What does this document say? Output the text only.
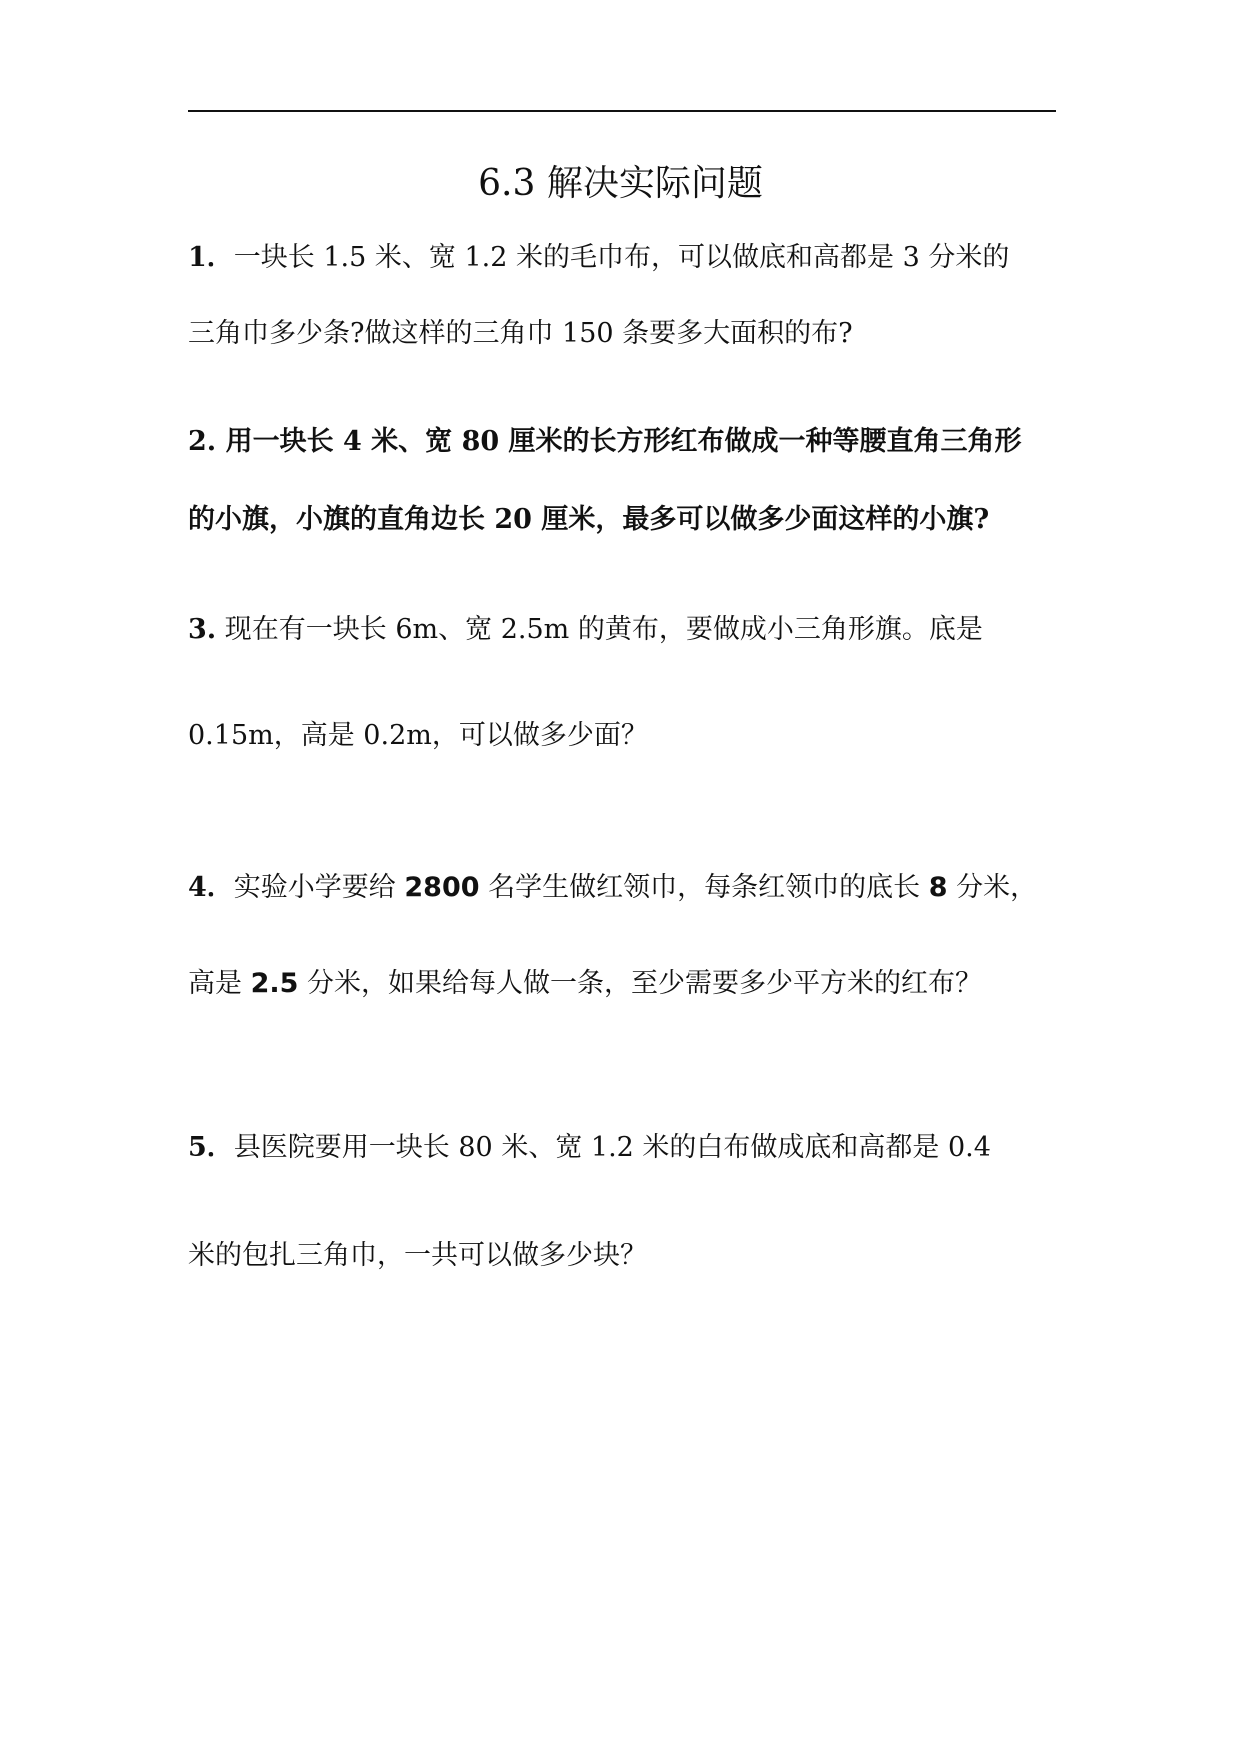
6.3 解决实际问题
1．一块长 1.5 米、宽 1.2 米的毛巾布，可以做底和高都是 3 分米的
三角巾多少条?做这样的三角巾 150 条要多大面积的布?
2. 用一块长 4 米、宽 80 厘米的长方形红布做成一种等腰直角三角形
的小旗，小旗的直角边长 20 厘米，最多可以做多少面这样的小旗?
3. 现在有一块长 6m、宽 2.5m 的黄布，要做成小三角形旗。底是
0.15m，高是 0.2m，可以做多少面？
4．实验小学要给 2800 名学生做红领巾，每条红领巾的底长 8 分米，
高是 2.5 分米，如果给每人做一条，至少需要多少平方米的红布？
5．县医院要用一块长 80 米、宽 1.2 米的白布做成底和高都是 0.4
米的包扎三角巾，一共可以做多少块？
